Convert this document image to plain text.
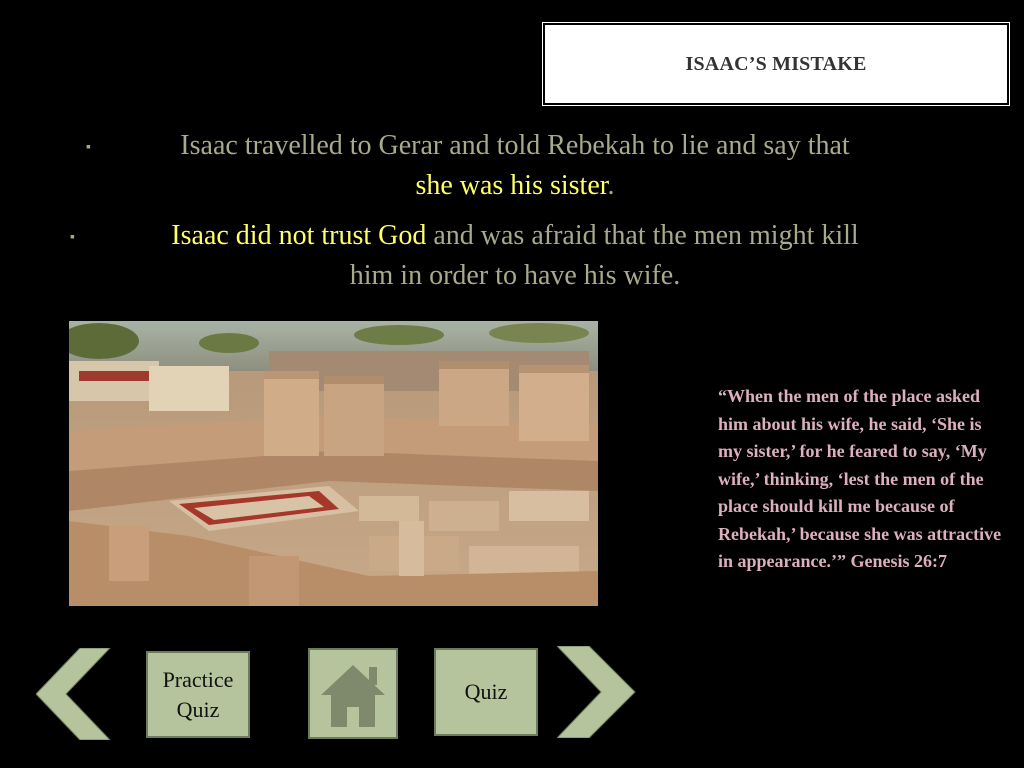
ISAAC’S MISTAKE
▪	Isaac travelled to Gerar and told Rebekah to lie and say that
she was his sister.
▪	Isaac did not trust God and was afraid that the men might kill
him in order to have his wife.
“When the men of the place asked him about his wife, he said, ‘She is my sister,’ for he feared to say, ‘My wife,’ thinking, ‘lest the men of the place should kill me because of Rebekah,’ because she was attractive in appearance.’” Genesis 26:7
Practice Quiz
Quiz
